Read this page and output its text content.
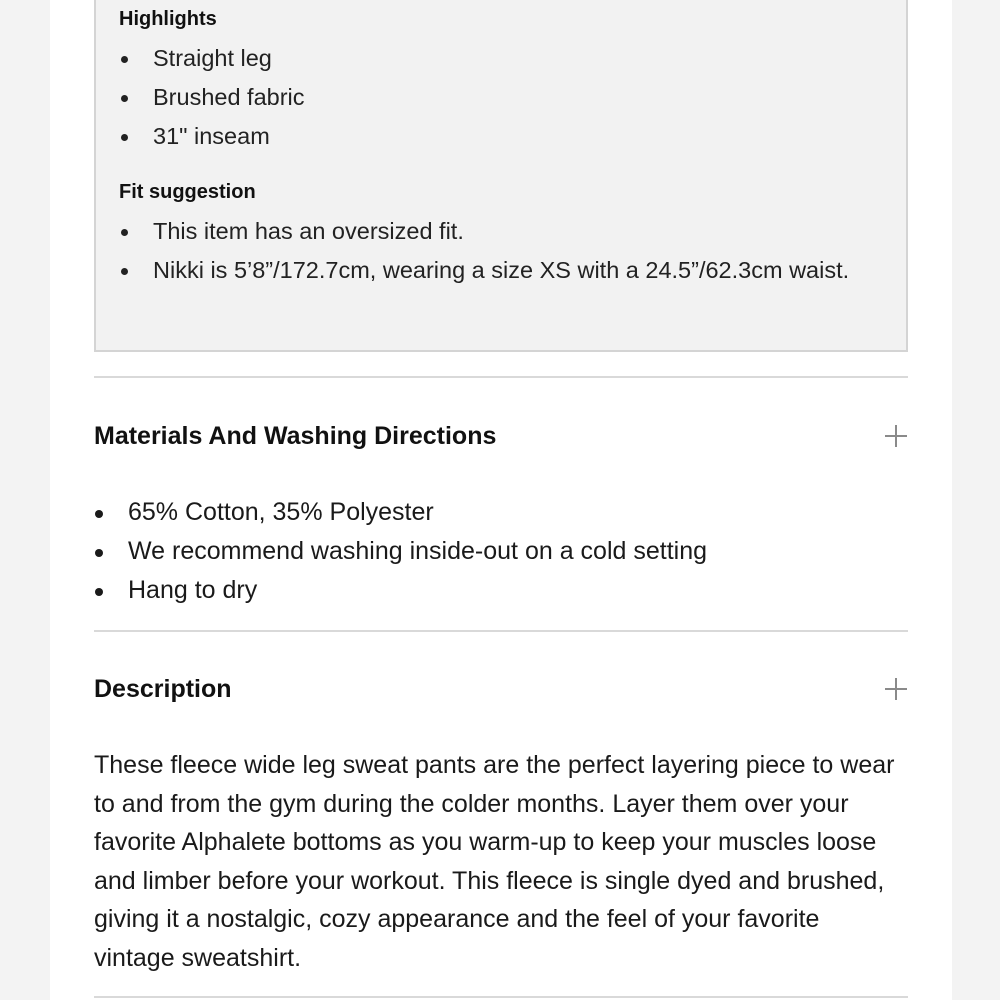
Highlights
Straight leg
Brushed fabric
31" inseam
Fit suggestion
This item has an oversized fit.
Nikki is 5’8”/172.7cm, wearing a size XS with a 24.5”/62.3cm waist.
Materials And Washing Directions
65% Cotton, 35% Polyester
We recommend washing inside-out on a cold setting
Hang to dry
Description

These fleece wide leg sweat pants are the perfect layering piece to wear to and from the gym during the colder months. Layer them over your favorite Alphalete bottoms as you warm-up to keep your muscles loose and limber before your workout. This fleece is single dyed and brushed, giving it a nostalgic, cozy appearance and the feel of your favorite vintage sweatshirt.
